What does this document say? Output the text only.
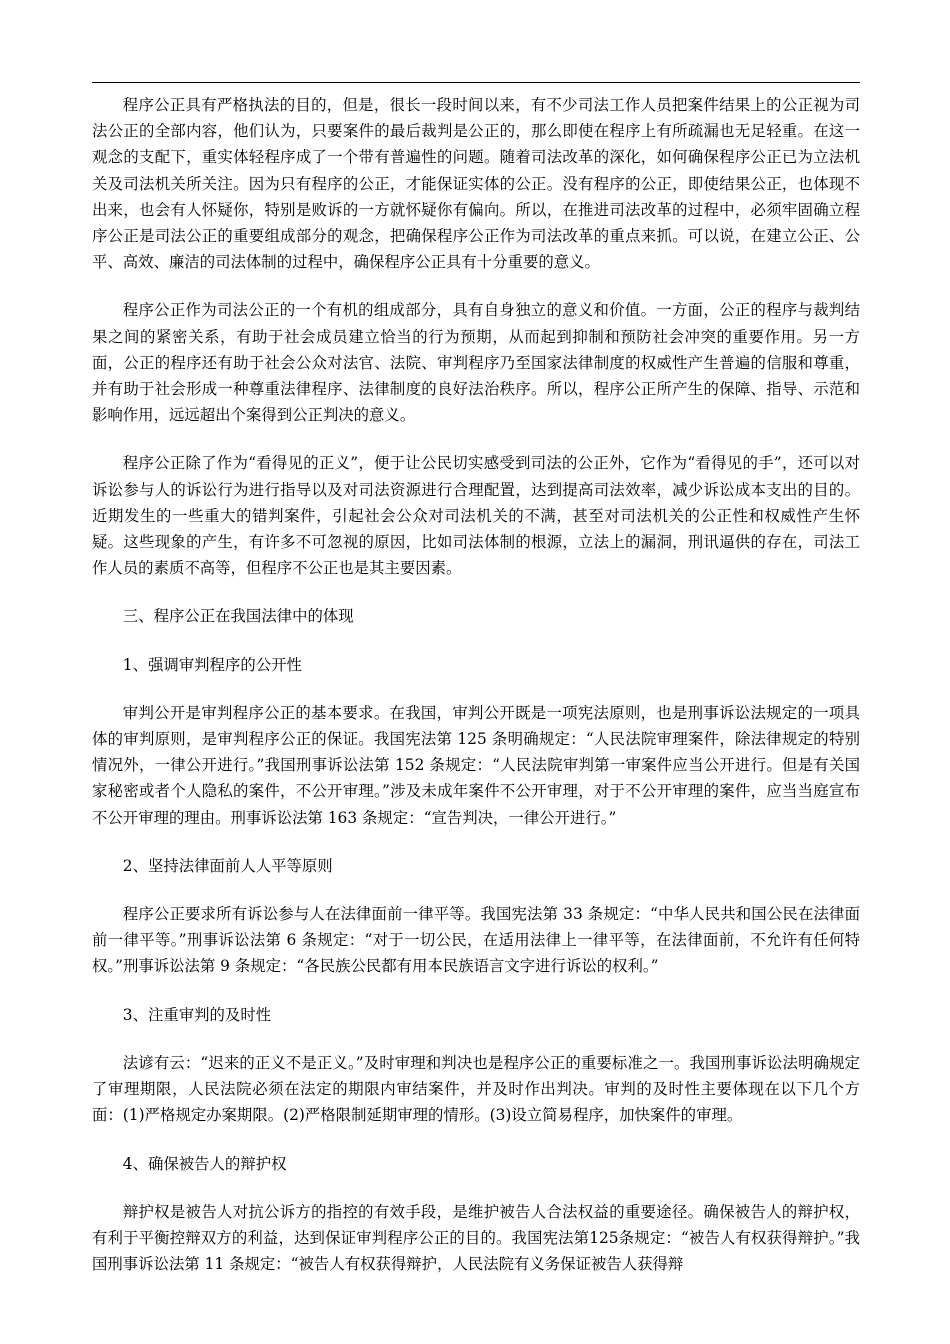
程序公正具有严格执法的目的，但是，很长一段时间以来，有不少司法工作人员把案件结果上的公正视为司法公正的全部内容，他们认为，只要案件的最后裁判是公正的，那么即使在程序上有所疏漏也无足轻重。在这一观念的支配下，重实体轻程序成了一个带有普遍性的问题。随着司法改革的深化，如何确保程序公正已为立法机关及司法机关所关注。因为只有程序的公正，才能保证实体的公正。没有程序的公正，即使结果公正，也体现不出来，也会有人怀疑你，特别是败诉的一方就怀疑你有偏向。所以，在推进司法改革的过程中，必须牢固确立程序公正是司法公正的重要组成部分的观念，把确保程序公正作为司法改革的重点来抓。可以说，在建立公正、公平、高效、廉洁的司法体制的过程中，确保程序公正具有十分重要的意义。

程序公正作为司法公正的一个有机的组成部分，具有自身独立的意义和价值。一方面，公正的程序与裁判结果之间的紧密关系，有助于社会成员建立恰当的行为预期，从而起到抑制和预防社会冲突的重要作用。另一方面，公正的程序还有助于社会公众对法官、法院、审判程序乃至国家法律制度的权威性产生普遍的信服和尊重，并有助于社会形成一种尊重法律程序、法律制度的良好法治秩序。所以，程序公正所产生的保障、指导、示范和影响作用，远远超出个案得到公正判决的意义。

程序公正除了作为“看得见的正义”，便于让公民切实感受到司法的公正外，它作为“看得见的手”，还可以对诉讼参与人的诉讼行为进行指导以及对司法资源进行合理配置，达到提高司法效率，减少诉讼成本支出的目的。近期发生的一些重大的错判案件，引起社会公众对司法机关的不满，甚至对司法机关的公正性和权威性产生怀疑。这些现象的产生，有许多不可忽视的原因，比如司法体制的根源，立法上的漏洞，刑讯逼供的存在，司法工作人员的素质不高等，但程序不公正也是其主要因素。

三、程序公正在我国法律中的体现

1、强调审判程序的公开性

审判公开是审判程序公正的基本要求。在我国，审判公开既是一项宪法原则，也是刑事诉讼法规定的一项具体的审判原则，是审判程序公正的保证。我国宪法第 125 条明确规定：“人民法院审理案件，除法律规定的特别情况外，一律公开进行。”我国刑事诉讼法第 152 条规定：“人民法院审判第一审案件应当公开进行。但是有关国家秘密或者个人隐私的案件，不公开审理。”涉及未成年案件不公开审理，对于不公开审理的案件，应当当庭宣布不公开审理的理由。刑事诉讼法第 163 条规定：“宣告判决，一律公开进行。”

2、坚持法律面前人人平等原则

程序公正要求所有诉讼参与人在法律面前一律平等。我国宪法第 33 条规定：“中华人民共和国公民在法律面前一律平等。”刑事诉讼法第 6 条规定：“对于一切公民，在适用法律上一律平等，在法律面前，不允许有任何特权。”刑事诉讼法第 9 条规定：“各民族公民都有用本民族语言文字进行诉讼的权利。”

3、注重审判的及时性

法谚有云：“迟来的正义不是正义。”及时审理和判决也是程序公正的重要标准之一。我国刑事诉讼法明确规定了审理期限，人民法院必须在法定的期限内审结案件，并及时作出判决。审判的及时性主要体现在以下几个方面：(1)严格规定办案期限。(2)严格限制延期审理的情形。(3)设立简易程序，加快案件的审理。

4、确保被告人的辩护权

辩护权是被告人对抗公诉方的指控的有效手段，是维护被告人合法权益的重要途径。确保被告人的辩护权，有利于平衡控辩双方的利益，达到保证审判程序公正的目的。我国宪法第125条规定：“被告人有权获得辩护。”我国刑事诉讼法第 11 条规定：“被告人有权获得辩护，人民法院有义务保证被告人获得辩
